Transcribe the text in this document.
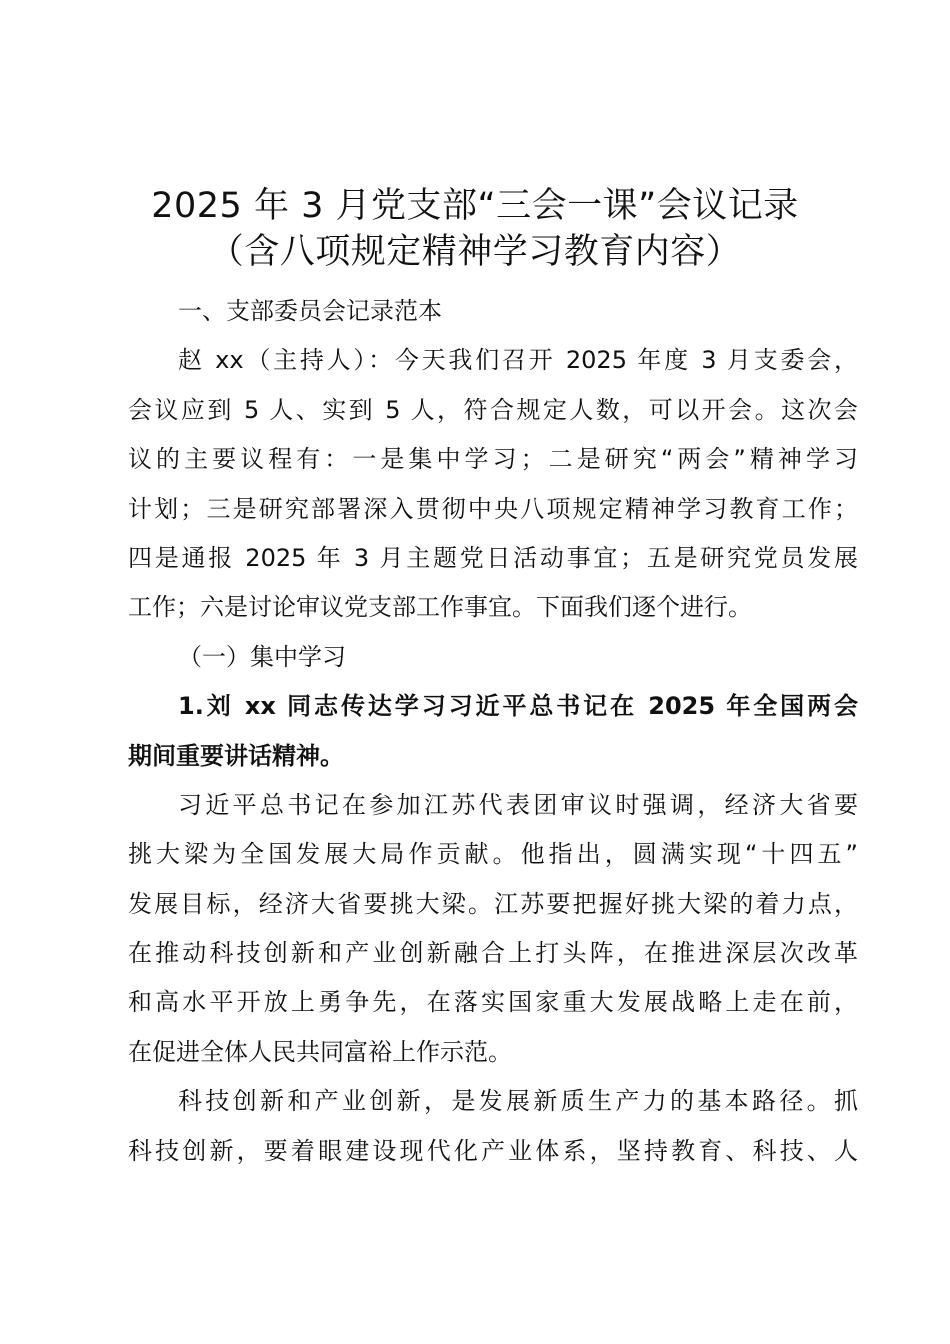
2025 年 3 月党支部“三会一课”会议记录
（含八项规定精神学习教育内容）
一、支部委员会记录范本
赵 xx（主持人）：今天我们召开 2025 年度 3 月支委会，
会议应到 5 人、实到 5 人，符合规定人数，可以开会。这次会
议的主要议程有：一是集中学习；二是研究“两会”精神学习
计划；三是研究部署深入贯彻中央八项规定精神学习教育工作；
四是通报 2025 年 3 月主题党日活动事宜；五是研究党员发展
工作；六是讨论审议党支部工作事宜。下面我们逐个进行。
（一）集中学习
1.刘 xx 同志传达学习习近平总书记在 2025 年全国两会
期间重要讲话精神。
习近平总书记在参加江苏代表团审议时强调，经济大省要
挑大梁为全国发展大局作贡献。他指出，圆满实现“十四五”
发展目标，经济大省要挑大梁。江苏要把握好挑大梁的着力点，
在推动科技创新和产业创新融合上打头阵，在推进深层次改革
和高水平开放上勇争先，在落实国家重大发展战略上走在前，
在促进全体人民共同富裕上作示范。
科技创新和产业创新，是发展新质生产力的基本路径。抓
科技创新，要着眼建设现代化产业体系，坚持教育、科技、人
